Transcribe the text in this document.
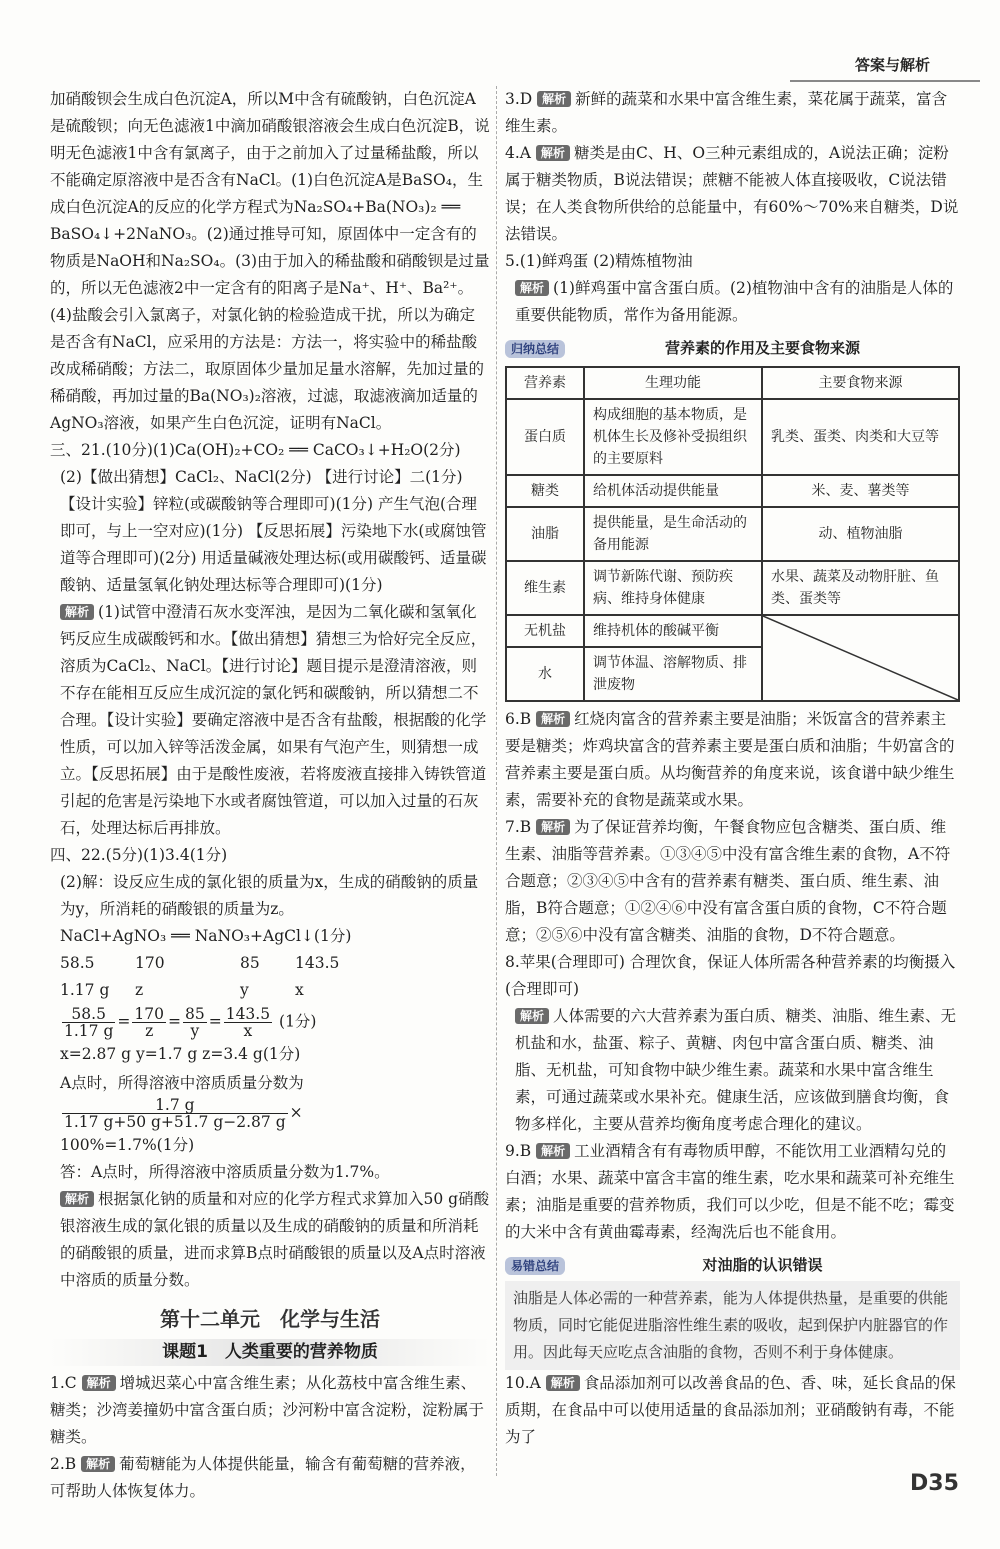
答案与解析

加硝酸钡会生成白色沉淀A，所以M中含有硫酸钠，白色沉淀A是硫酸钡；向无色滤液1中滴加硝酸银溶液会生成白色沉淀B，说明无色滤液1中含有氯离子，由于之前加入了过量稀盐酸，所以不能确定原溶液中是否含有NaCl。(1)白色沉淀A是BaSO₄，生成白色沉淀A的反应的化学方程式为Na₂SO₄+Ba(NO₃)₂ ══ BaSO₄↓+2NaNO₃。(2)通过推导可知，原固体中一定含有的物质是NaOH和Na₂SO₄。(3)由于加入的稀盐酸和硝酸钡是过量的，所以无色滤液2中一定含有的阳离子是Na⁺、H⁺、Ba²⁺。(4)盐酸会引入氯离子，对氯化钠的检验造成干扰，所以为确定是否含有NaCl，应采用的方法是：方法一，将实验中的稀盐酸改成稀硝酸；方法二，取原固体少量加足量水溶解，先加过量的稀硝酸，再加过量的Ba(NO₃)₂溶液，过滤，取滤液滴加适量的AgNO₃溶液，如果产生白色沉淀，证明有NaCl。

三、21.(10分)(1)Ca(OH)₂+CO₂ ══ CaCO₃↓+H₂O(2分)

(2)【做出猜想】CaCl₂、NaCl(2分) 【进行讨论】二(1分)

【设计实验】锌粒(或碳酸钠等合理即可)(1分) 产生气泡(合理即可，与上一空对应)(1分) 【反思拓展】污染地下水(或腐蚀管道等合理即可)(2分) 用适量碱液处理达标(或用碳酸钙、适量碳酸钠、适量氢氧化钠处理达标等合理即可)(1分)

解析 (1)试管中澄清石灰水变浑浊，是因为二氧化碳和氢氧化钙反应生成碳酸钙和水。【做出猜想】猜想三为恰好完全反应，溶质为CaCl₂、NaCl。【进行讨论】题目提示是澄清溶液，则不存在能相互反应生成沉淀的氯化钙和碳酸钠，所以猜想二不合理。【设计实验】要确定溶液中是否含有盐酸，根据酸的化学性质，可以加入锌等活泼金属，如果有气泡产生，则猜想一成立。【反思拓展】由于是酸性废液，若将废液直接排入铸铁管道引起的危害是污染地下水或者腐蚀管道，可以加入过量的石灰石，处理达标后再排放。

四、22.(5分)(1)3.4(1分)

(2)解：设反应生成的氯化银的质量为x，生成的硝酸钠的质量为y，所消耗的硝酸银的质量为z。

NaCl+AgNO₃ ══ NaNO₃+AgCl↓(1分)

58.5	170	85	143.5
1.17 g	z	y	x
$\frac{58.5}{1.17 g} = \frac{170}{z} = \frac{85}{y} = \frac{143.5}{x} (1$分)

x=2.87 g y=1.7 g z=3.4 g(1分)

A点时，所得溶液中溶质质量分数为
$\frac{1.7 g}{1.17 g+50 g+51.7 g-2.87 g}$ ×

100%=1.7%(1分)

答：A点时，所得溶液中溶质质量分数为1.7%。

解析 根据氯化钠的质量和对应的化学方程式求算加入50 g硝酸银溶液生成的氯化银的质量以及生成的硝酸钠的质量和所消耗的硝酸银的质量，进而求算B点时硝酸银的质量以及A点时溶液中溶质的质量分数。

第十二单元　化学与生活
课题1　人类重要的营养物质

1.C 解析 增城迟菜心中富含维生素；从化荔枝中富含维生素、糖类；沙湾姜撞奶中富含蛋白质；沙河粉中富含淀粉，淀粉属于糖类。

2.B 解析 葡萄糖能为人体提供能量，输含有葡萄糖的营养液，可帮助人体恢复体力。

3.D 解析 新鲜的蔬菜和水果中富含维生素，菜花属于蔬菜，富含维生素。

4.A 解析 糖类是由C、H、O三种元素组成的，A说法正确；淀粉属于糖类物质，B说法错误；蔗糖不能被人体直接吸收，C说法错误；在人类食物所供给的总能量中，有60%～70%来自糖类，D说法错误。

5.(1)鲜鸡蛋 (2)精炼植物油

解析 (1)鲜鸡蛋中富含蛋白质。(2)植物油中含有的油脂是人体的重要供能物质，常作为备用能源。

归纳总结	营养素的作用及主要食物来源
营养素	生理功能	主要食物来源
蛋白质	构成细胞的基本物质，是机体生长及修补受损组织的主要原料	乳类、蛋类、肉类和大豆等
糖类	给机体活动提供能量	米、麦、薯类等
油脂	提供能量，是生命活动的备用能源	动、植物油脂
维生素	调节新陈代谢、预防疾病、维持身体健康	水果、蔬菜及动物肝脏、鱼类、蛋类等
无机盐	维持机体的酸碱平衡	

水	调节体温、溶解物质、排泄废物	

6.B 解析 红烧肉富含的营养素主要是油脂；米饭富含的营养素主要是糖类；炸鸡块富含的营养素主要是蛋白质和油脂；牛奶富含的营养素主要是蛋白质。从均衡营养的角度来说，该食谱中缺少维生素，需要补充的食物是蔬菜或水果。

7.B 解析 为了保证营养均衡，午餐食物应包含糖类、蛋白质、维生素、油脂等营养素。①③④⑤中没有富含维生素的食物，A不符合题意；②③④⑤中含有的营养素有糖类、蛋白质、维生素、油脂，B符合题意；①②④⑥中没有富含蛋白质的食物，C不符合题意；②⑤⑥中没有富含糖类、油脂的食物，D不符合题意。

8.苹果(合理即可) 合理饮食，保证人体所需各种营养素的均衡摄入(合理即可)

解析 人体需要的六大营养素为蛋白质、糖类、油脂、维生素、无机盐和水，盐蛋、粽子、黄糖、肉包中富含蛋白质、糖类、油脂、无机盐，可知食物中缺少维生素。蔬菜和水果中富含维生素，可通过蔬菜或水果补充。健康生活，应该做到膳食均衡，食物多样化，主要从营养均衡角度考虑合理化的建议。

9.B 解析 工业酒精含有有毒物质甲醇，不能饮用工业酒精勾兑的白酒；水果、蔬菜中富含丰富的维生素，吃水果和蔬菜可补充维生素；油脂是重要的营养物质，我们可以少吃，但是不能不吃；霉变的大米中含有黄曲霉毒素，经淘洗后也不能食用。

易错总结	对油脂的认识错误
油脂是人体必需的一种营养素，能为人体提供热量，是重要的供能物质，同时它能促进脂溶性维生素的吸收，起到保护内脏器官的作用。因此每天应吃点含油脂的食物，否则不利于身体健康。

10.A 解析 食品添加剂可以改善食品的色、香、味，延长食品的保质期，在食品中可以使用适量的食品添加剂；亚硝酸钠有毒，不能为了

D35
